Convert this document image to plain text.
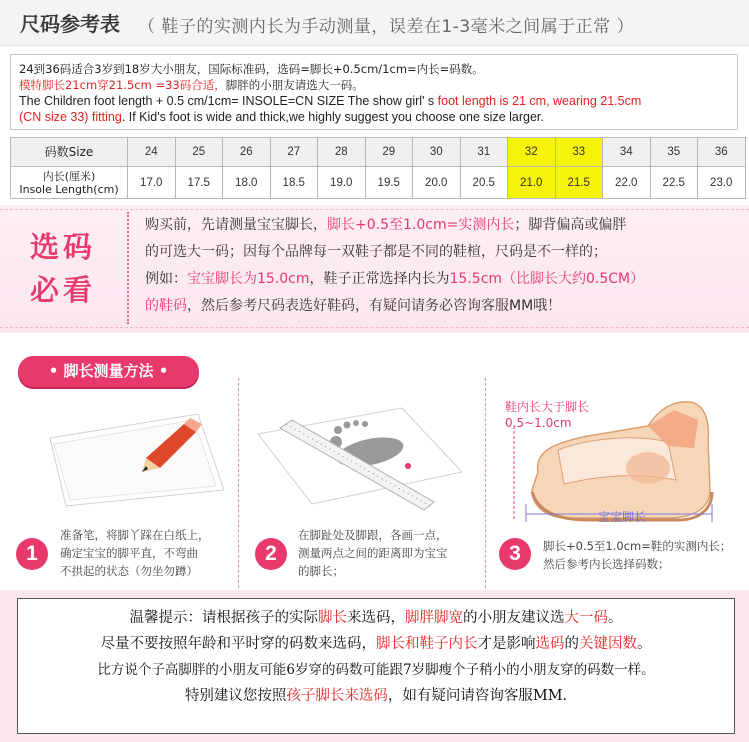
尺码参考表 （ 鞋子的实测内长为手动测量，误差在1-3毫米之间属于正常 ）
24到36码适合3岁到18岁大小朋友，国际标准码，选码=脚长+0.5cm/1cm=内长=码数。
模特脚长21cm穿21.5cm =33码合适，脚胖的小朋友请选大一码。
The Children foot length + 0.5 cm/1cm= INSOLE=CN SIZE The show girl' s foot length is 21 cm, wearing 21.5cm
(CN size 33) fitting. If Kid's foot is wide and thick,we highly suggest you choose one size larger.
码数Size	24	25	26	27	28	29	30	31	32	33	34	35	36
内长(厘米)
Insole Length(cm)	17.0	17.5	18.0	18.5	19.0	19.5	20.0	20.5	21.0	21.5	22.0	22.5	23.0
选码
必看
购买前，先请测量宝宝脚长，脚长+0.5至1.0cm=实测内长；脚背偏高或偏胖
的可选大一码；因每个品牌每一双鞋子都是不同的鞋楦，尺码是不一样的；
例如：宝宝脚长为15.0cm，鞋子正常选择内长为15.5cm（比脚长大约0.5CM）
的鞋码，然后参考尺码表选好鞋码，有疑问请务必咨询客服MM哦！
• 脚长测量方法 •
鞋内长大于脚长
0.5~1.0cm
宝宝脚长
1
准备笔，将脚丫踩在白纸上，
确定宝宝的脚平直，不弯曲
不拱起的状态（勿坐勿蹲）
2
在脚趾处及脚跟，各画一点，
测量两点之间的距离即为宝宝
的脚长；
3	脚长+0.5至1.0cm=鞋的实测内长；
然后参考内长选择码数；
温馨提示：请根据孩子的实际脚长来选码，脚胖脚宽的小朋友建议选大一码。
尽量不要按照年龄和平时穿的码数来选码，脚长和鞋子内长才是影响选码的关键因数。
比方说个子高脚胖的小朋友可能6岁穿的码数可能跟7岁脚瘦个子稍小的小朋友穿的码数一样。
特别建议您按照孩子脚长来选码，如有疑问请咨询客服MM.
